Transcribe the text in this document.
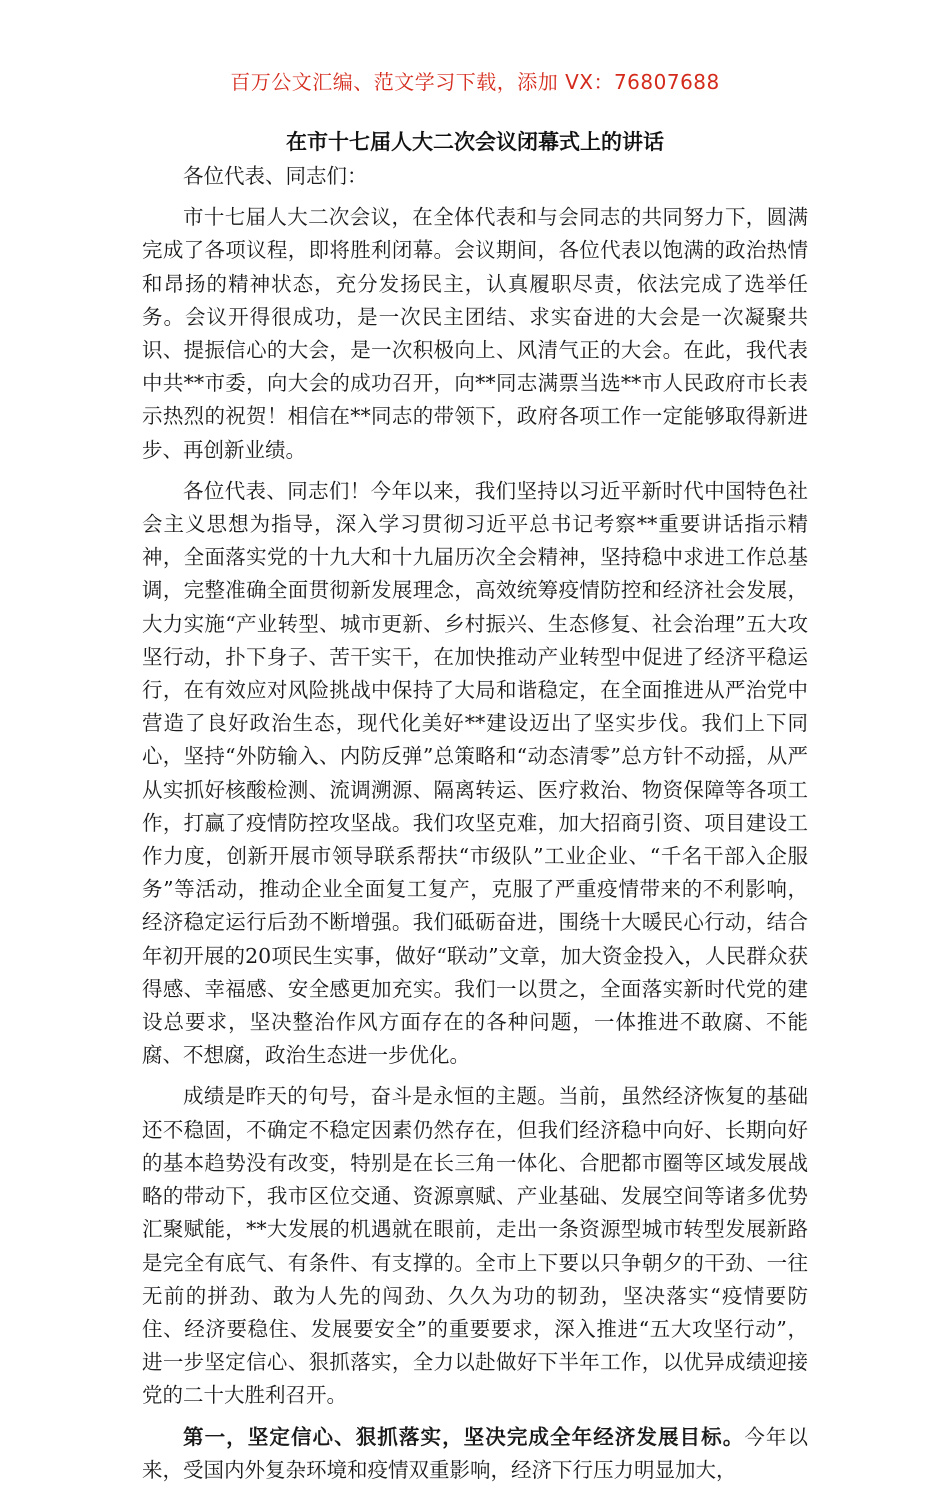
百万公文汇编、范文学习下载，添加 VX：76807688
在市十七届人大二次会议闭幕式上的讲话

各位代表、同志们：

市十七届人大二次会议，在全体代表和与会同志的共同努力下，圆满完成了各项议程，即将胜利闭幕。会议期间，各位代表以饱满的政治热情和昂扬的精神状态，充分发扬民主，认真履职尽责，依法完成了选举任务。会议开得很成功，是一次民主团结、求实奋进的大会是一次凝聚共识、提振信心的大会，是一次积极向上、风清气正的大会。在此，我代表中共**市委，向大会的成功召开，向**同志满票当选**市人民政府市长表示热烈的祝贺！相信在**同志的带领下，政府各项工作一定能够取得新进步、再创新业绩。

各位代表、同志们！今年以来，我们坚持以习近平新时代中国特色社会主义思想为指导，深入学习贯彻习近平总书记考察**重要讲话指示精神，全面落实党的十九大和十九届历次全会精神，坚持稳中求进工作总基调，完整准确全面贯彻新发展理念，高效统筹疫情防控和经济社会发展，大力实施“产业转型、城市更新、乡村振兴、生态修复、社会治理”五大攻坚行动，扑下身子、苦干实干，在加快推动产业转型中促进了经济平稳运行，在有效应对风险挑战中保持了大局和谐稳定，在全面推进从严治党中营造了良好政治生态，现代化美好**建设迈出了坚实步伐。我们上下同心，坚持“外防输入、内防反弹”总策略和“动态清零”总方针不动摇，从严从实抓好核酸检测、流调溯源、隔离转运、医疗救治、物资保障等各项工作，打赢了疫情防控攻坚战。我们攻坚克难，加大招商引资、项目建设工作力度，创新开展市领导联系帮扶“市级队”工业企业、“千名干部入企服务”等活动，推动企业全面复工复产，克服了严重疫情带来的不利影响，经济稳定运行后劲不断增强。我们砥砺奋进，围绕十大暖民心行动，结合年初开展的20项民生实事，做好“联动”文章，加大资金投入，人民群众获得感、幸福感、安全感更加充实。我们一以贯之，全面落实新时代党的建设总要求，坚决整治作风方面存在的各种问题，一体推进不敢腐、不能腐、不想腐，政治生态进一步优化。

成绩是昨天的句号，奋斗是永恒的主题。当前，虽然经济恢复的基础还不稳固，不确定不稳定因素仍然存在，但我们经济稳中向好、长期向好的基本趋势没有改变，特别是在长三角一体化、合肥都市圈等区域发展战略的带动下，我市区位交通、资源禀赋、产业基础、发展空间等诸多优势汇聚赋能，**大发展的机遇就在眼前，走出一条资源型城市转型发展新路是完全有底气、有条件、有支撑的。全市上下要以只争朝夕的干劲、一往无前的拼劲、敢为人先的闯劲、久久为功的韧劲，坚决落实“疫情要防住、经济要稳住、发展要安全”的重要要求，深入推进“五大攻坚行动”，进一步坚定信心、狠抓落实，全力以赴做好下半年工作，以优异成绩迎接党的二十大胜利召开。

第一，坚定信心、狠抓落实，坚决完成全年经济发展目标。今年以来，受国内外复杂环境和疫情双重影响，经济下行压力明显加大，
